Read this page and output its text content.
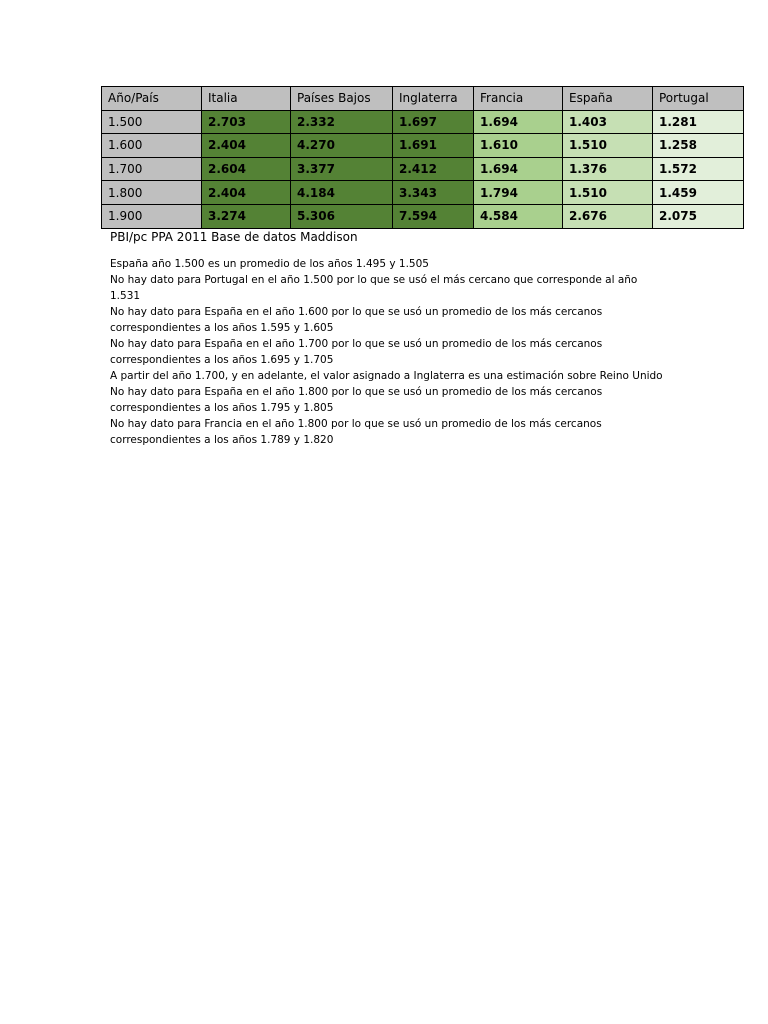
Año/País	Italia	Países Bajos	Inglaterra	Francia	España	Portugal
1.500	2.703	2.332	1.697	1.694	1.403	1.281
1.600	2.404	4.270	1.691	1.610	1.510	1.258
1.700	2.604	3.377	2.412	1.694	1.376	1.572
1.800	2.404	4.184	3.343	1.794	1.510	1.459
1.900	3.274	5.306	7.594	4.584	2.676	2.075
PBI/pc PPA 2011 Base de datos Maddison

España año 1.500 es un promedio de los años 1.495 y 1.505

No hay dato para Portugal en el año 1.500 por lo que se usó el más cercano que corresponde al año 1.531

No hay dato para España en el año 1.600 por lo que se usó un promedio de los más cercanos correspondientes a los años 1.595 y 1.605

No hay dato para España en el año 1.700 por lo que se usó un promedio de los más cercanos correspondientes a los años 1.695 y 1.705

A partir del año 1.700, y en adelante, el valor asignado a Inglaterra es una estimación sobre Reino Unido

No hay dato para España en el año 1.800 por lo que se usó un promedio de los más cercanos correspondientes a los años 1.795 y 1.805

No hay dato para Francia en el año 1.800 por lo que se usó un promedio de los más cercanos correspondientes a los años 1.789 y 1.820
